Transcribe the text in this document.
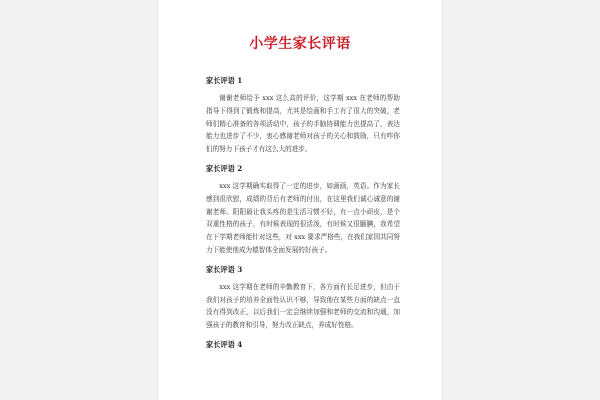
小学生家长评语
家长评语 1

谢谢老师给予 xxx 这么高的评价，这学期 xxx 在老师的帮助指导下得到了锻炼和提高，尤其是绘画和手工有了很大的突破，老师们精心准备的各项活动中，孩子的手脑协调能力也提高了，表达能力也进步了不少，衷心感谢老师对孩子的关心和鼓励，只有咋你们的努力下孩子才有这么大的进步。

家长评语 2

xxx 这学期确实取得了一定的进步，如画画，英语。作为家长感到很欣慰，成绩的背后有老师的付出，在这里我们诚心诚意的谢谢老师。阳阳最让我头疼的是生活习惯不好，有一点小顽皮，是个双重性格的孩子，有时候表现的很活泼，有时候又很腼腆，我希望在下学期老师能针对这些，对 xxx 要求严格些，在我们家园共同努力下能使他成为德智体全面发展的好孩子。

家长评语 3

xxx 这学期在老师的辛勤教育下，各方面有长足进步，但由于我们对孩子的培养全面性认识不够，导致他在某些方面的缺点一直没有得到改正，以后我们一定会继续加强和老师的交流和沟通，加强孩子的教育和引导，努力改正缺点，养成好性格。

家长评语 4
